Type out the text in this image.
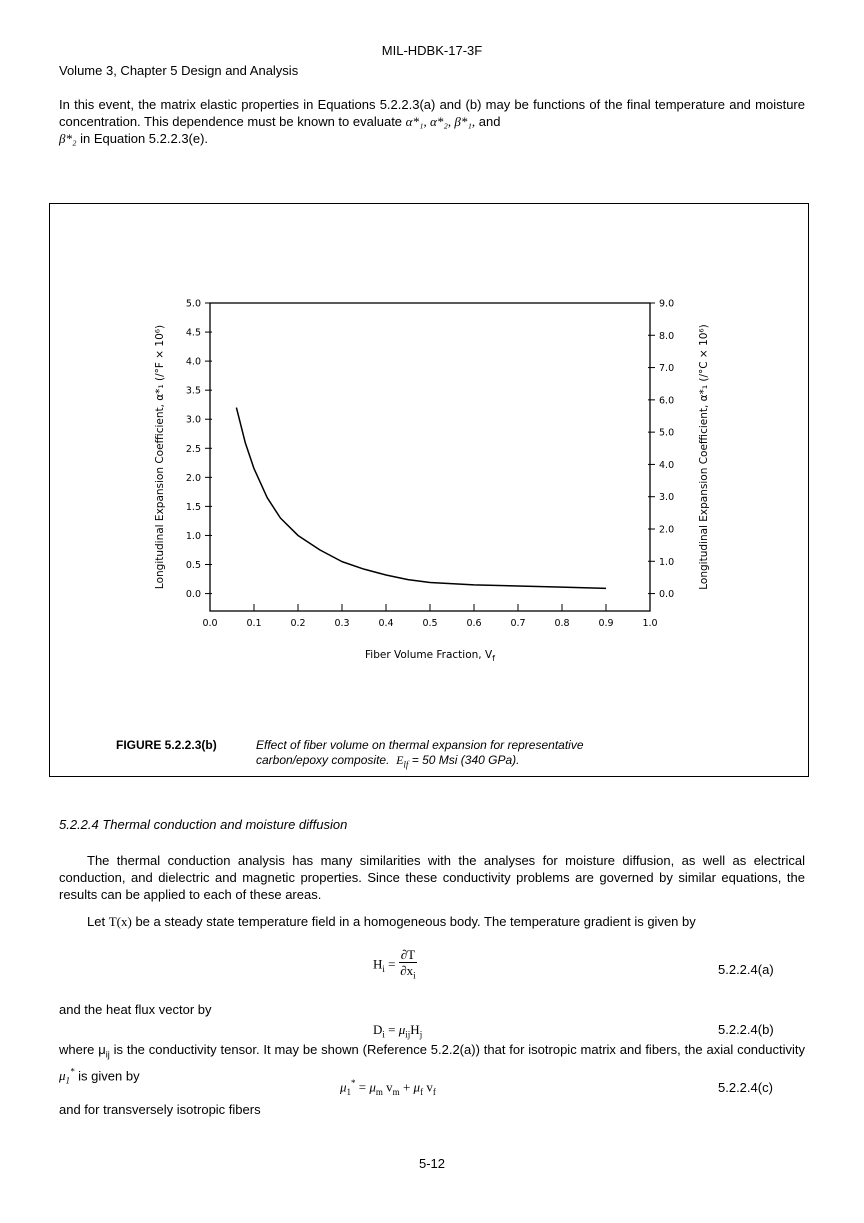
MIL-HDBK-17-3F
Volume 3, Chapter 5 Design and Analysis
In this event, the matrix elastic properties in Equations 5.2.2.3(a) and (b) may be functions of the final temperature and moisture concentration. This dependence must be known to evaluate α*₁, α*₂, β*₁, and
β*₂ in Equation 5.2.2.3(e).
0.0	0.1	0.2	0.3	0.4	0.5	0.6	0.7	0.8	0.9	1.0
0.0
0.5
1.0
1.5
2.0
2.5
3.0
3.5
4.0
4.5
5.0
0.0
1.0
2.0
3.0
4.0
5.0
6.0
7.0
8.0
9.0
Fiber Volume Fraction, $V_f$
Longitudinal Expansion Coefficient, α*₁ (/°F × 10⁶)	Longitudinal Expansion Coefficient, α*₁ (/°C × 10⁶)
FIGURE 5.2.2.3(b)	Effect of fiber volume on thermal expansion for representative
carbon/epoxy composite. $E_{lf} = 50$ Msi (340 GPa).
5.2.2.4 Thermal conduction and moisture diffusion
The thermal conduction analysis has many similarities with the analyses for moisture diffusion, as well as electrical conduction, and dielectric and magnetic properties. Since these conductivity problems are governed by similar equations, the results can be applied to each of these areas.
Let T(x) be a steady state temperature field in a homogeneous body. The temperature gradient is given by
$H_i = \frac{\partial T}{\partial x_i}$	5.2.2.4(a)
and the heat flux vector by
$D_i = \mu_{ij}H_j$	5.2.2.4(b)
where $\mu_{ij}$ is the conductivity tensor. It may be shown (Reference 5.2.2(a)) that for isotropic matrix and fibers, the axial conductivity $\mu_1^*$ is given by
$\mu_1^* = \mu_m$ $v_m + \mu_f$ $v_f$	5.2.2.4(c)
and for transversely isotropic fibers
5-12
